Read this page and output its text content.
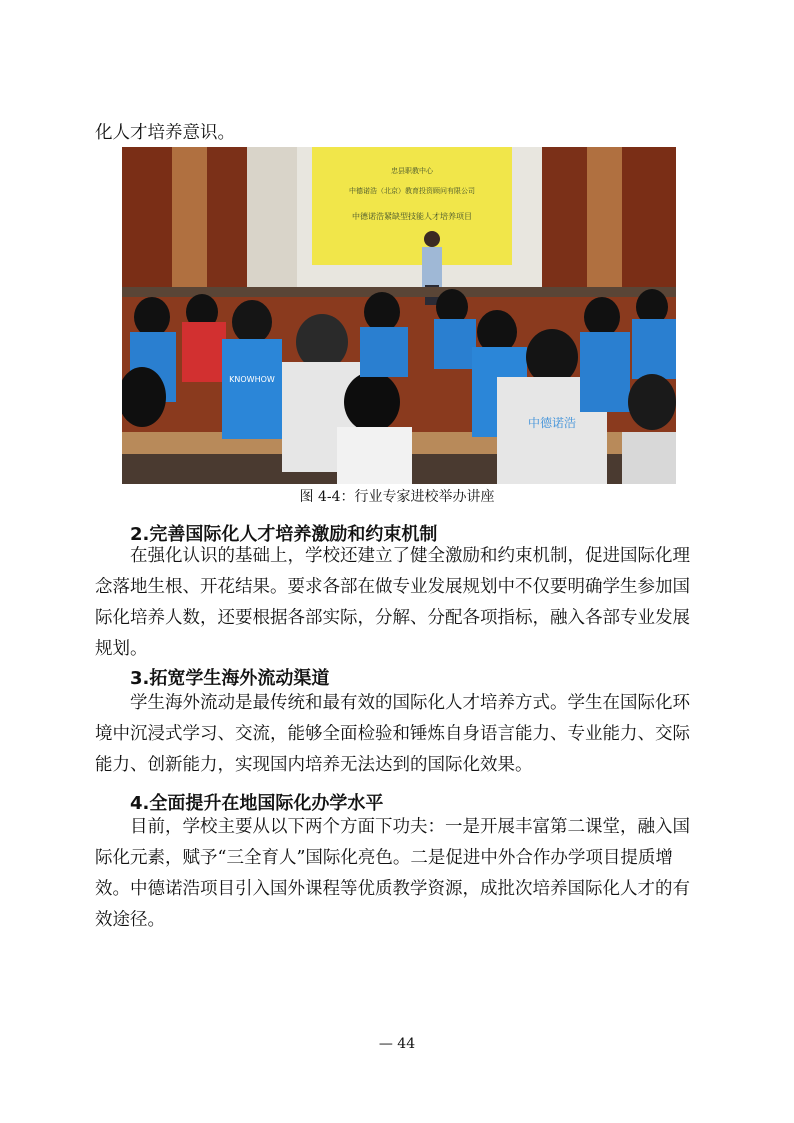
化人才培养意识。

忠县职教中心
中德诺浩（北京）教育投资顾问有限公司
中德诺浩紧缺型技能人才培养项目
KNOWHOW
中德诺浩
图 4-4：行业专家进校举办讲座

2.完善国际化人才培养激励和约束机制

在强化认识的基础上，学校还建立了健全激励和约束机制，促进国际化理念落地生根、开花结果。要求各部在做专业发展规划中不仅要明确学生参加国际化培养人数，还要根据各部实际，分解、分配各项指标，融入各部专业发展规划。

3.拓宽学生海外流动渠道

学生海外流动是最传统和最有效的国际化人才培养方式。学生在国际化环境中沉浸式学习、交流，能够全面检验和锤炼自身语言能力、专业能力、交际能力、创新能力，实现国内培养无法达到的国际化效果。

4.全面提升在地国际化办学水平

目前，学校主要从以下两个方面下功夫：一是开展丰富第二课堂，融入国际化元素，赋予“三全育人”国际化亮色。二是促进中外合作办学项目提质增效。中德诺浩项目引入国外课程等优质教学资源，成批次培养国际化人才的有效途径。

— 44
